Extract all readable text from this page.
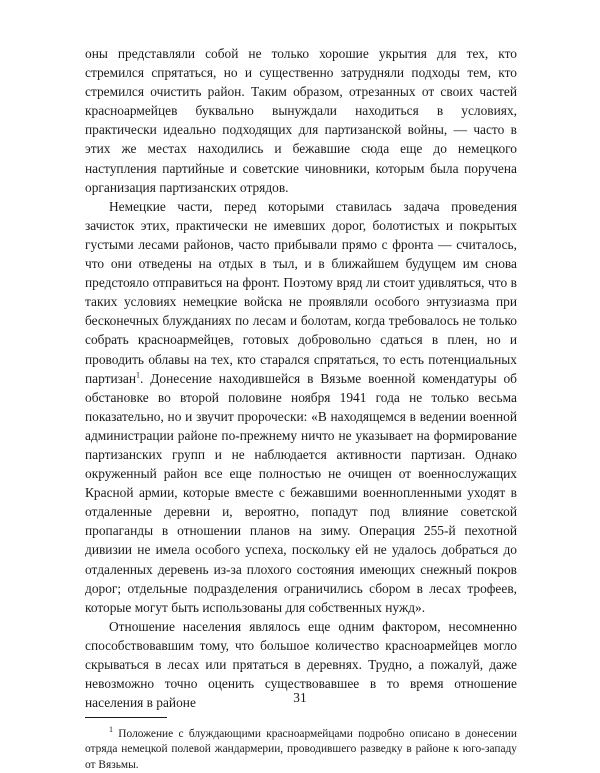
оны представляли собой не только хорошие укрытия для тех, кто стремился спрятаться, но и существенно затрудняли подходы тем, кто стремился очистить район. Таким образом, отрезанных от своих частей красноармейцев буквально вынуждали находиться в условиях, практически идеально подходящих для партизанской войны, — часто в этих же местах находились и бежавшие сюда еще до немецкого наступления партийные и советские чиновники, которым была поручена организация партизанских отрядов.

Немецкие части, перед которыми ставилась задача проведения зачисток этих, практически не имевших дорог, болотистых и покрытых густыми лесами районов, часто прибывали прямо с фронта — считалось, что они отведены на отдых в тыл, и в ближайшем будущем им снова предстояло отправиться на фронт. Поэтому вряд ли стоит удивляться, что в таких условиях немецкие войска не проявляли особого энтузиазма при бесконечных блужданиях по лесам и болотам, когда требовалось не только собрать красноармейцев, готовых добровольно сдаться в плен, но и проводить облавы на тех, кто старался спрятаться, то есть потенциальных партизан$^1$. Донесение находившейся в Вязьме военной комендатуры об обстановке во второй половине ноября 1941 года не только весьма показательно, но и звучит пророчески: «В находящемся в ведении военной администрации районе по-прежнему ничто не указывает на формирование партизанских групп и не наблюдается активности партизан. Однако окруженный район все еще полностью не очищен от военнослужащих Красной армии, которые вместе с бежавшими военнопленными уходят в отдаленные деревни и, вероятно, попадут под влияние советской пропаганды в отношении планов на зиму. Операция 255-й пехотной дивизии не имела особого успеха, поскольку ей не удалось добраться до отдаленных деревень из-за плохого состояния имеющих снежный покров дорог; отдельные подразделения ограничились сбором в лесах трофеев, которые могут быть использованы для собственных нужд».

Отношение населения являлось еще одним фактором, несомненно способствовавшим тому, что большое количество красноармейцев могло скрываться в лесах или прятаться в деревнях. Трудно, а пожалуй, даже невозможно точно оценить существовавшее в то время отношение населения в районе

$^1$ Положение с блуждающими красноармейцами подробно описано в донесении отряда немецкой полевой жандармерии, проводившего разведку в районе к юго-западу от Вязьмы.

31
